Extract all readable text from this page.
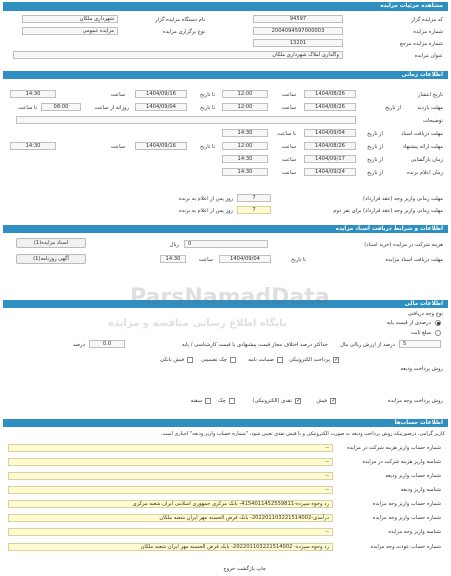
مشاهده جزئیات مزایده
کد مزایده گزار
94597
نام دستگاه مزایده گزار
شهرداری ملکان
شماره مزایده
2004094597000003
نوع برگزاری مزایده
مزایده عمومی
شماره مزایده مرجع
13201
عنوان مزایده
واگذاری املاک شهرداری ملکان
اطلاعات زمانی
تاریخ انتشار
1404/08/26
ساعت
12:00
تا تاریخ
1404/09/16
ساعت
14:30
مهلت بازدید
از تاریخ
1404/08/26
ساعت
12:00
تا تاریخ
1404/09/04
روزانه از ساعت
08:00
تا ساعت
توضیحات
مهلت دریافت اسناد
از تاریخ
1404/09/04
تا ساعت
14:30
مهلت ارائه پیشنهاد
از تاریخ
1404/08/26
ساعت
12:00
تا تاریخ
1404/09/16
ساعت
14:30
زمان بازگشایی
از تاریخ
1404/09/17
ساعت
14:30
زمان اعلام برنده
از تاریخ
1404/09/24
ساعت
14:30
مهلت زمانی واریز وجه (عقد قرارداد)
7
روز پس از اعلام به برنده
مهلت زمانی واریز وجه (عقد قرارداد) برای نفر دوم
7
روز پس از اعلام به برنده
اطلاعات و شرایط دریافت اسناد مزایده
هزینه شرکت در مزایده (خرید اسناد)
0
ریال
مهلت دریافت اسناد مزایده
تا تاریخ
1404/09/04
ساعت
14:30
اسناد مزایده(1)
آگهی روزنامه(1)
اطلاعات مالی
نوع وجه دریافتی
درصدی از قیمت پایه
مبلغ ثابت
5
درصد از ارزش ریالی مال
حداکثر درصد اختلاف مجاز قیمت پیشنهادی با قیمت کارشناسی / پایه
0.0
درصد
روش پرداخت ودیعه
✓
پرداخت الکترونیکی
ضمانت نامه
چک تضمینی
فیش بانکی
روش پرداخت وجه مزایده
✓
فیش
✓
نقدی (الکترونیکی)
چک
سفته
اطلاعات حساب‌ها
کاربر گرامی، درصورتیکه روش پرداخت ودیعه به صورت الکترونیکی و یا فیش نقدی تعیین شود، "شماره حساب واریز ودیعه" اجباری است.
شماره حساب واریز هزینه شرکت در مزایده
--
شناسه واریز هزینه شرکت در مزایده
--
شماره حساب واریز ودیعه
--
شناسه واریز ودیعه
--
شماره حساب واریز وجه مزایده
رد وجوه سپرده-4154011452559811- بانک مرکزی جمهوری اسلامی ایران شعبه مرکزی
شماره حساب واریز وجه مزایده
درآمدی-202201103221514002- بانک قرض الحسنه مهر ایران شعبه ملکان
شناسه واریز وجه مزایده
--
شماره حساب عودت وجه مزایده
رد وجوه سپرده- 202201103221514002- بانک قرض الحسنه مهر ایران شعبه ملکان
چاپ بازگشت خروج
ParsNamadData
پایگاه اطلاع رسانی مناقصه و مزایده
